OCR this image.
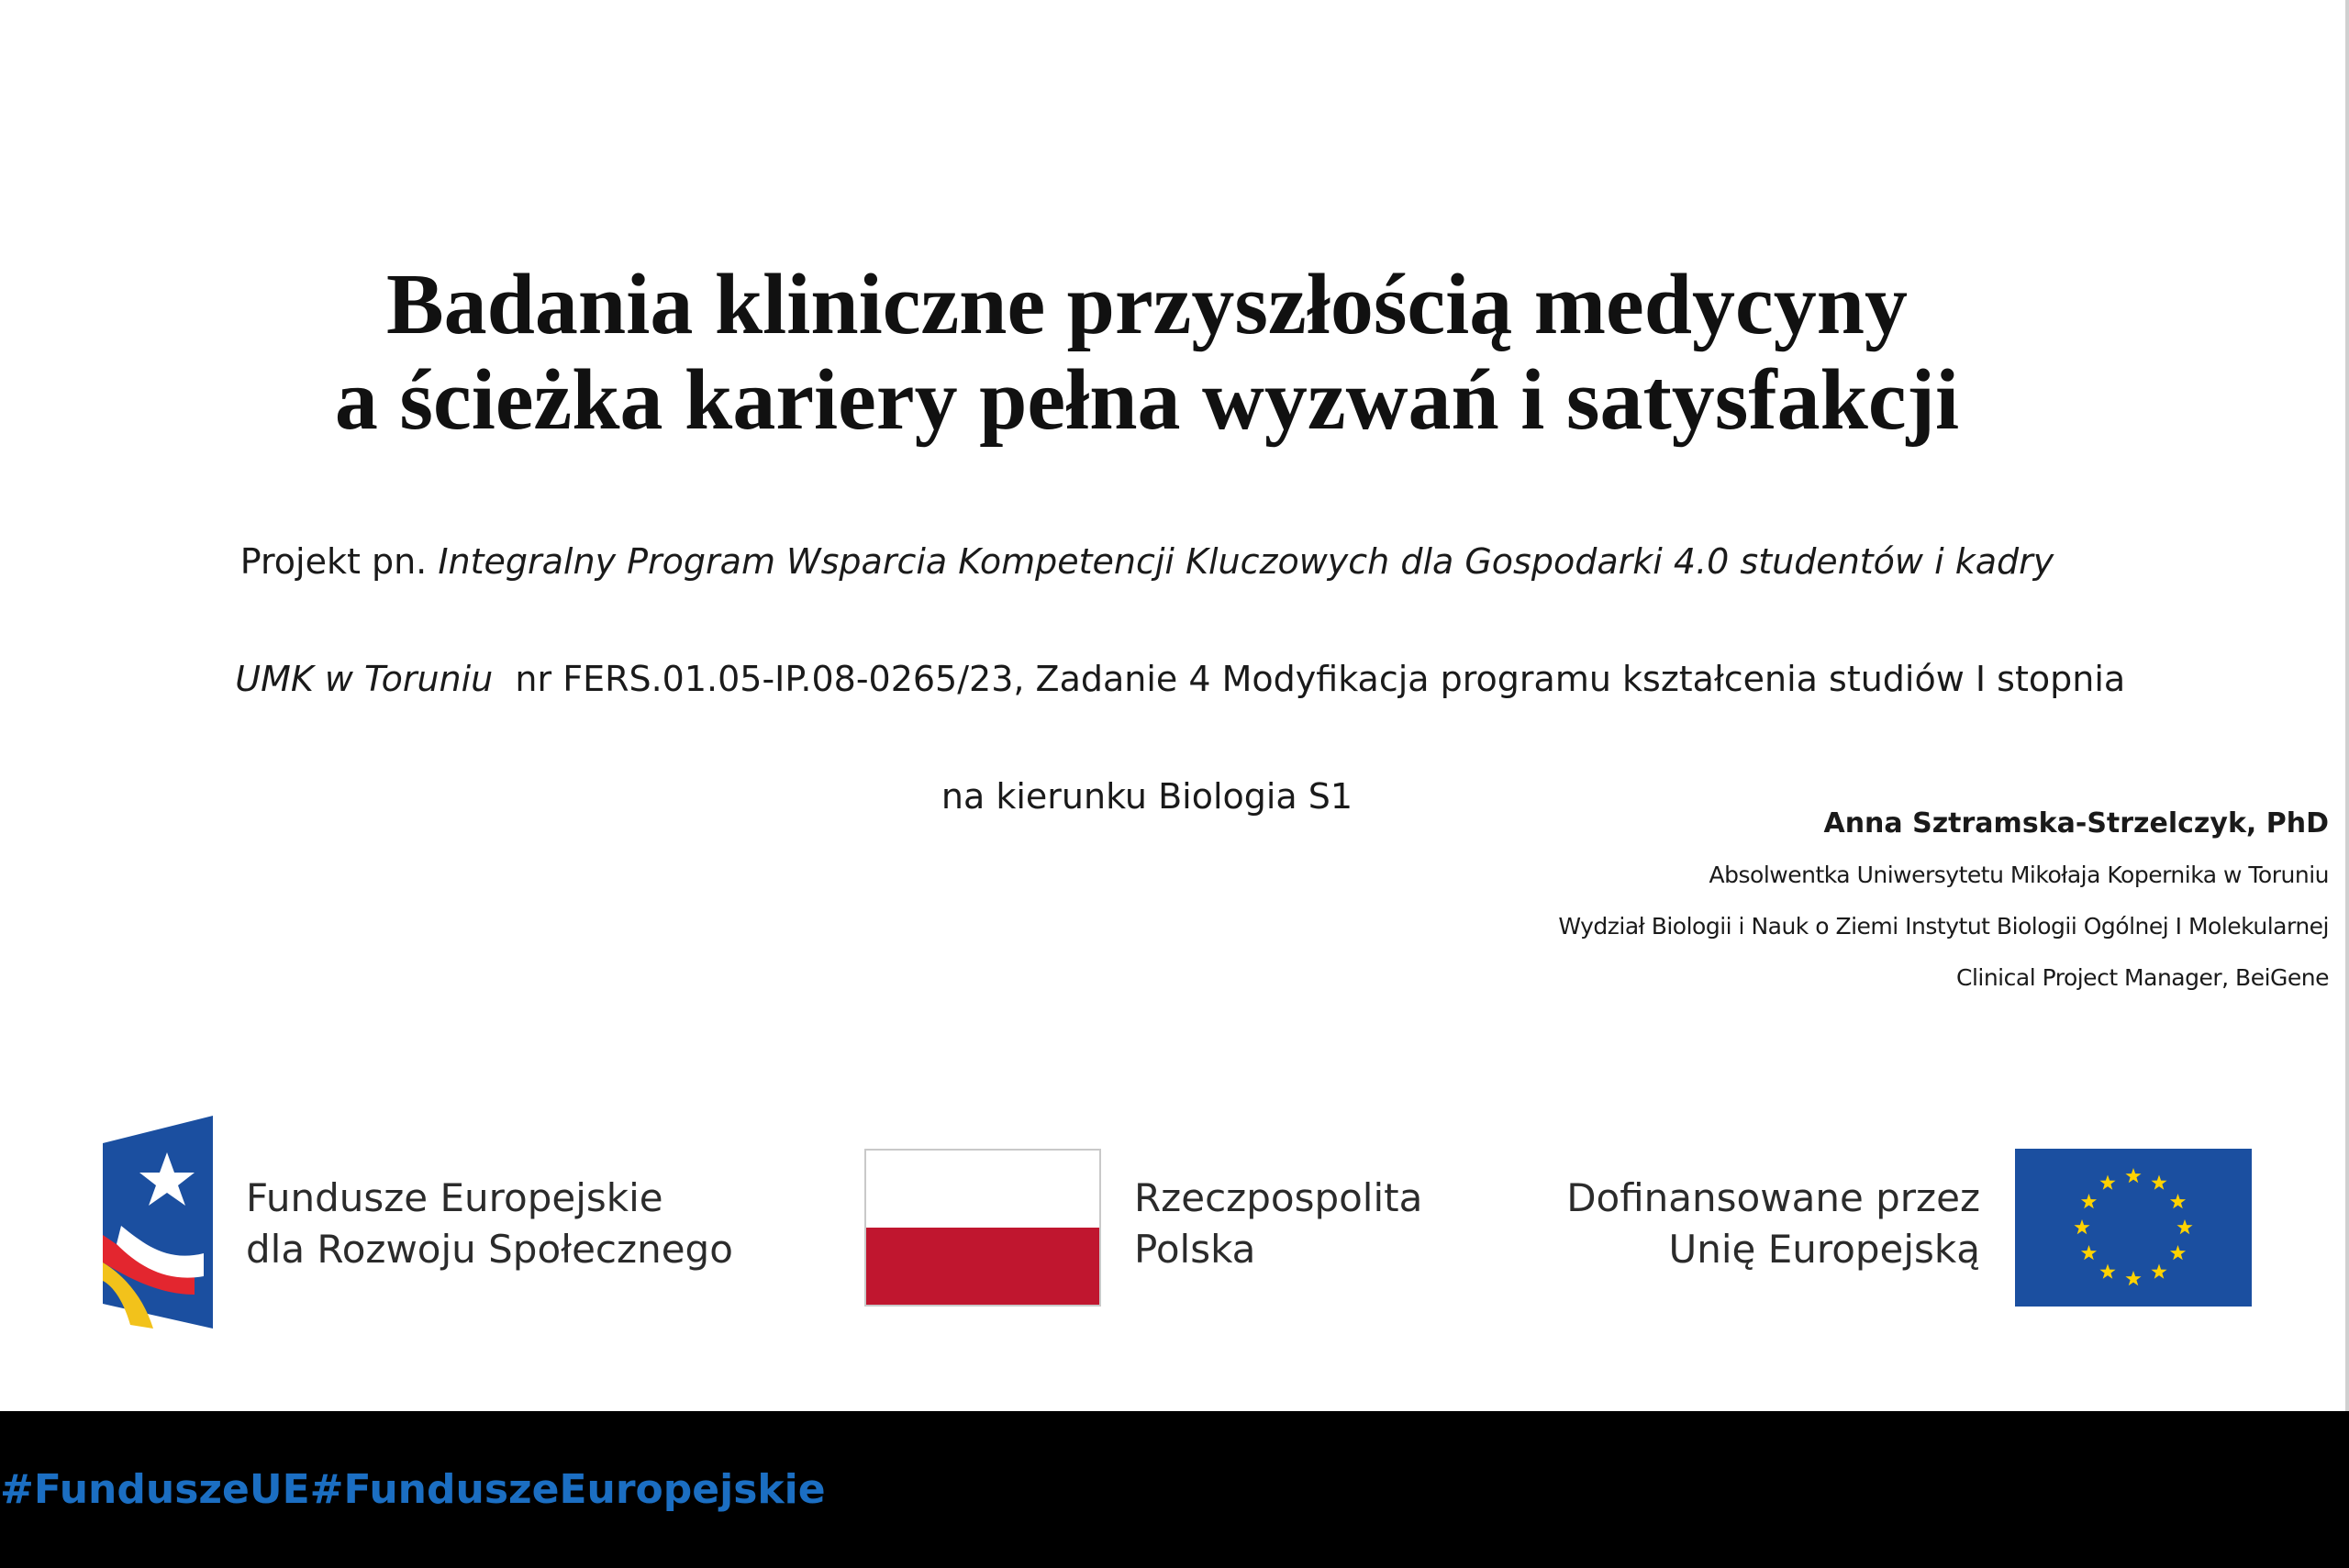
Badania kliniczne przyszłością medycyny
a ścieżka kariery pełna wyzwań i satysfakcji
Projekt pn. Integralny Program Wsparcia Kompetencji Kluczowych dla Gospodarki 4.0 studentów i kadry

UMK w Toruniu  nr FERS.01.05-IP.08-0265/23, Zadanie 4 Modyfikacja programu kształcenia studiów I stopnia

na kierunku Biologia S1
Anna Sztramska-Strzelczyk, PhD
Absolwentka Uniwersytetu Mikołaja Kopernika w Toruniu
Wydział Biologii i Nauk o Ziemi Instytut Biologii Ogólnej I Molekularnej
Clinical Project Manager, BeiGene
Fundusze Europejskie
dla Rozwoju Społecznego
Rzeczpospolita
Polska
Dofinansowane przez
Unię Europejską
#FunduszeUE#FunduszeEuropejskie
